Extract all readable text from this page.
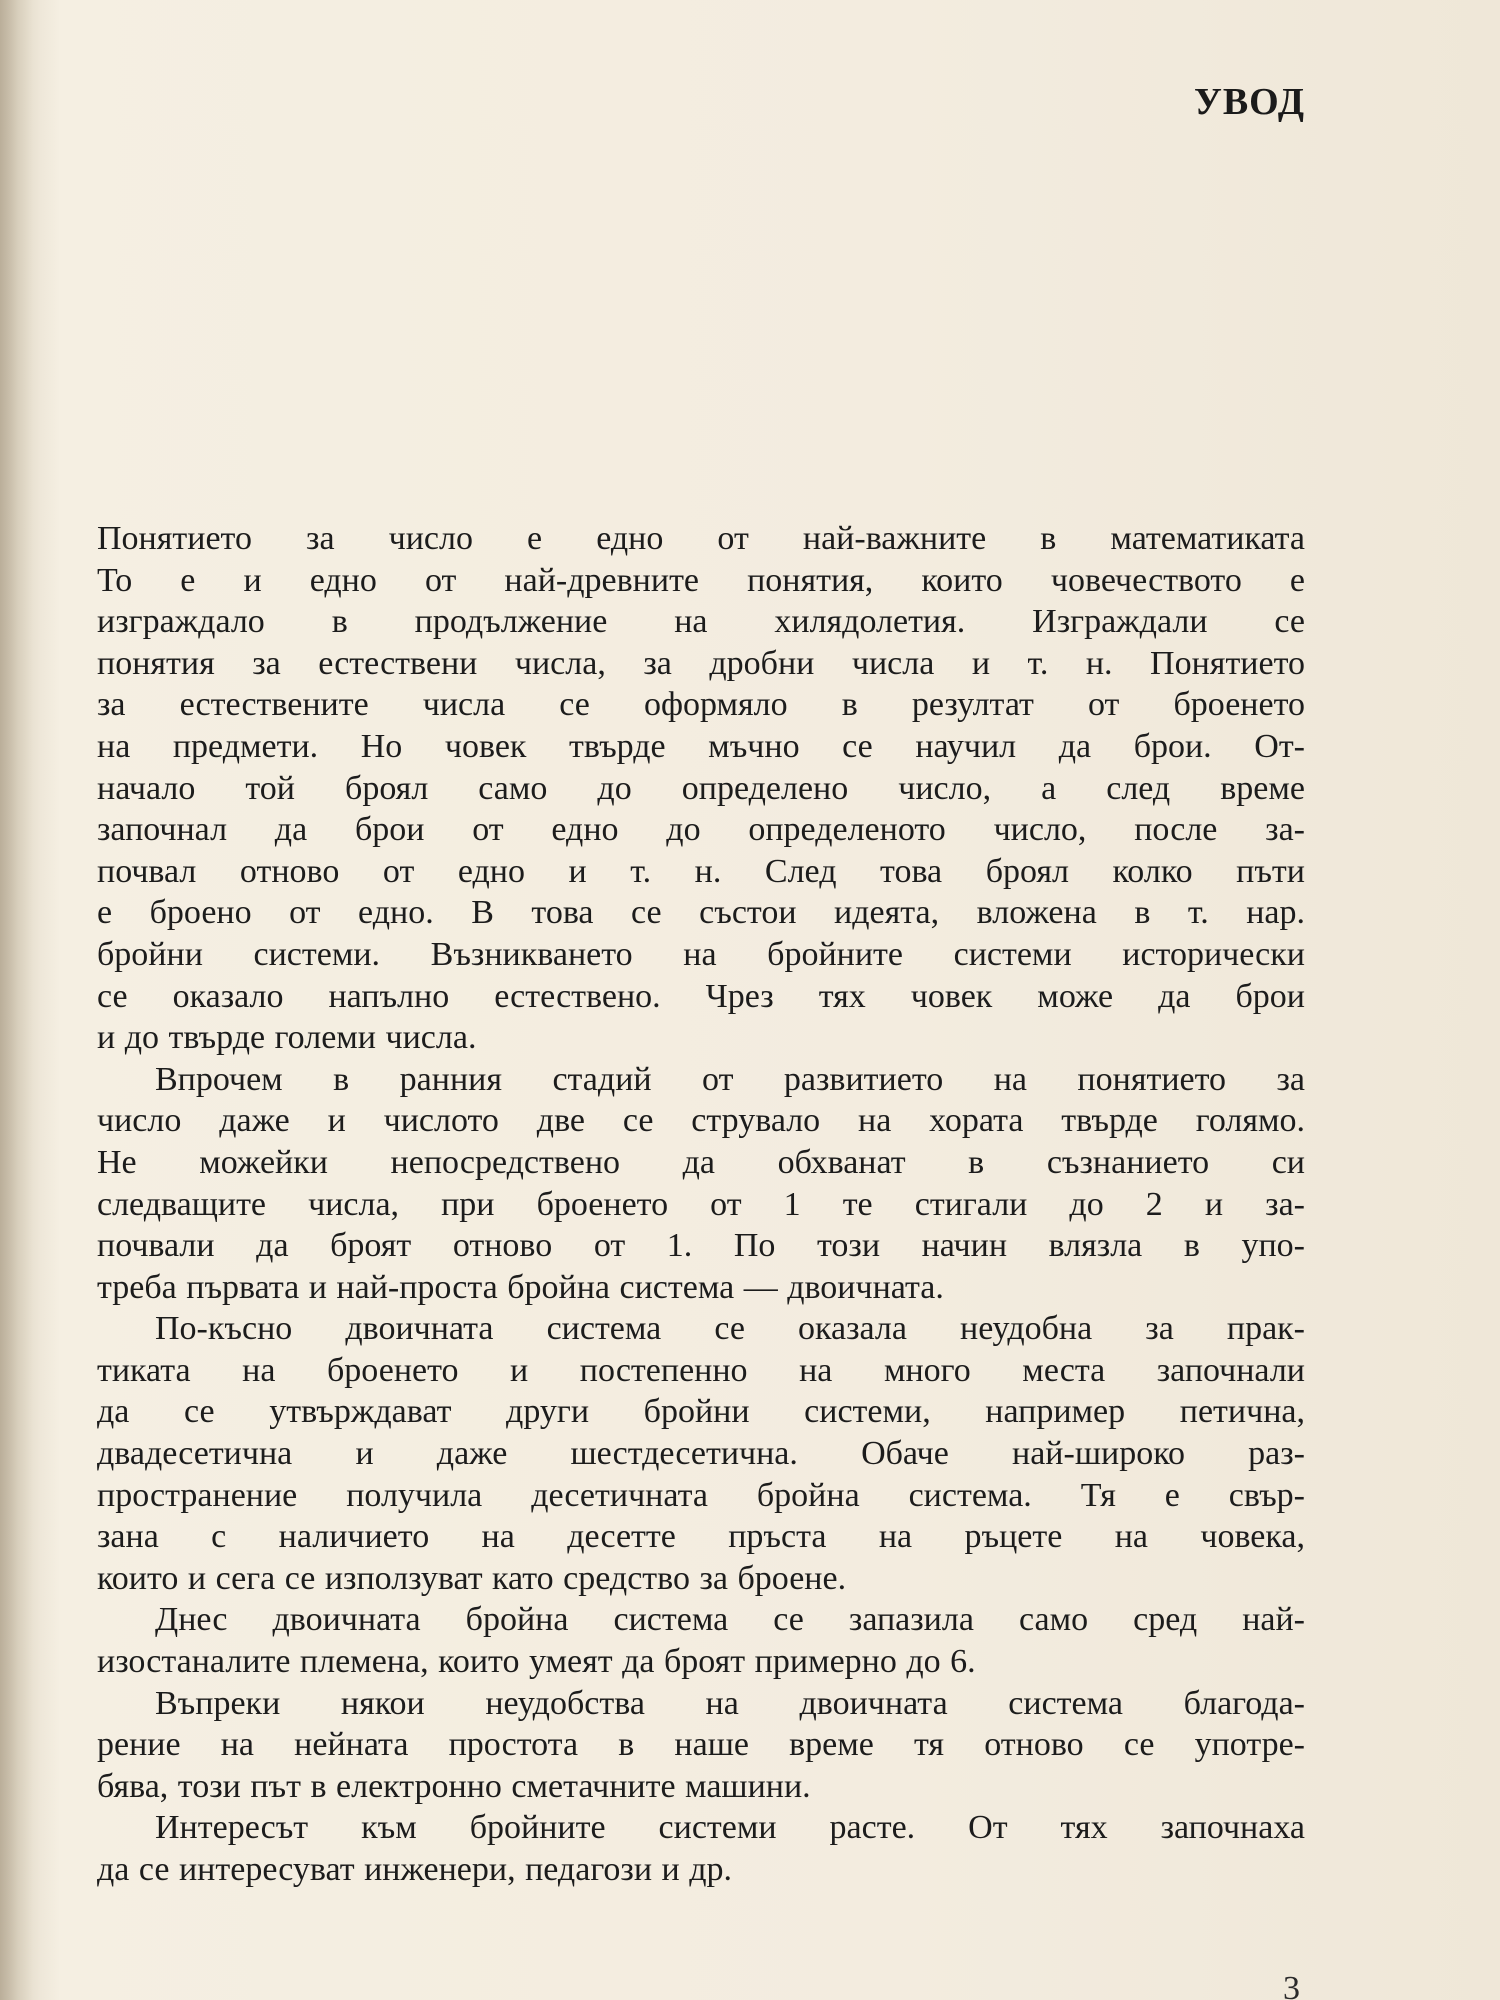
УВОД
Понятието за число е едно от най-важните в математиката
То е и едно от най-древните понятия, които човечеството е
изграждало в продължение на хилядолетия. Изграждали се
понятия за естествени числа, за дробни числа и т. н. Понятието
за естествените числа се оформяло в резултат от броенето
на предмети. Но човек твърде мъчно се научил да брои. От-
начало той броял само до определено число, а след време
започнал да брои от едно до определеното число, после за-
почвал отново от едно и т. н. След това броял колко пъти
е броено от едно. В това се състои идеята, вложена в т. нар.
бройни системи. Възникването на бройните системи исторически
се оказало напълно естествено. Чрез тях човек може да брои
и до твърде големи числа.
Впрочем в ранния стадий от развитието на понятието за
число даже и числото две се струвало на хората твърде голямо.
Не можейки непосредствено да обхванат в съзнанието си
следващите числа, при броенето от 1 те стигали до 2 и за-
почвали да броят отново от 1. По този начин влязла в упо-
треба първата и най-проста бройна система — двоичната.
По-късно двоичната система се оказала неудобна за прак-
тиката на броенето и постепенно на много места започнали
да се утвърждават други бройни системи, например петична,
двадесетична и даже шестдесетична. Обаче най-широко раз-
пространение получила десетичната бройна система. Тя е свър-
зана с наличието на десетте пръста на ръцете на човека,
които и сега се използуват като средство за броене.
Днес двоичната бройна система се запазила само сред най-
изостаналите племена, които умеят да броят примерно до 6.
Въпреки някои неудобства на двоичната система благода-
рение на нейната простота в наше време тя отново се употре-
бява, този път в електронно сметачните машини.
Интересът към бройните системи расте. От тях започнаха
да се интересуват инженери, педагози и др.
3
